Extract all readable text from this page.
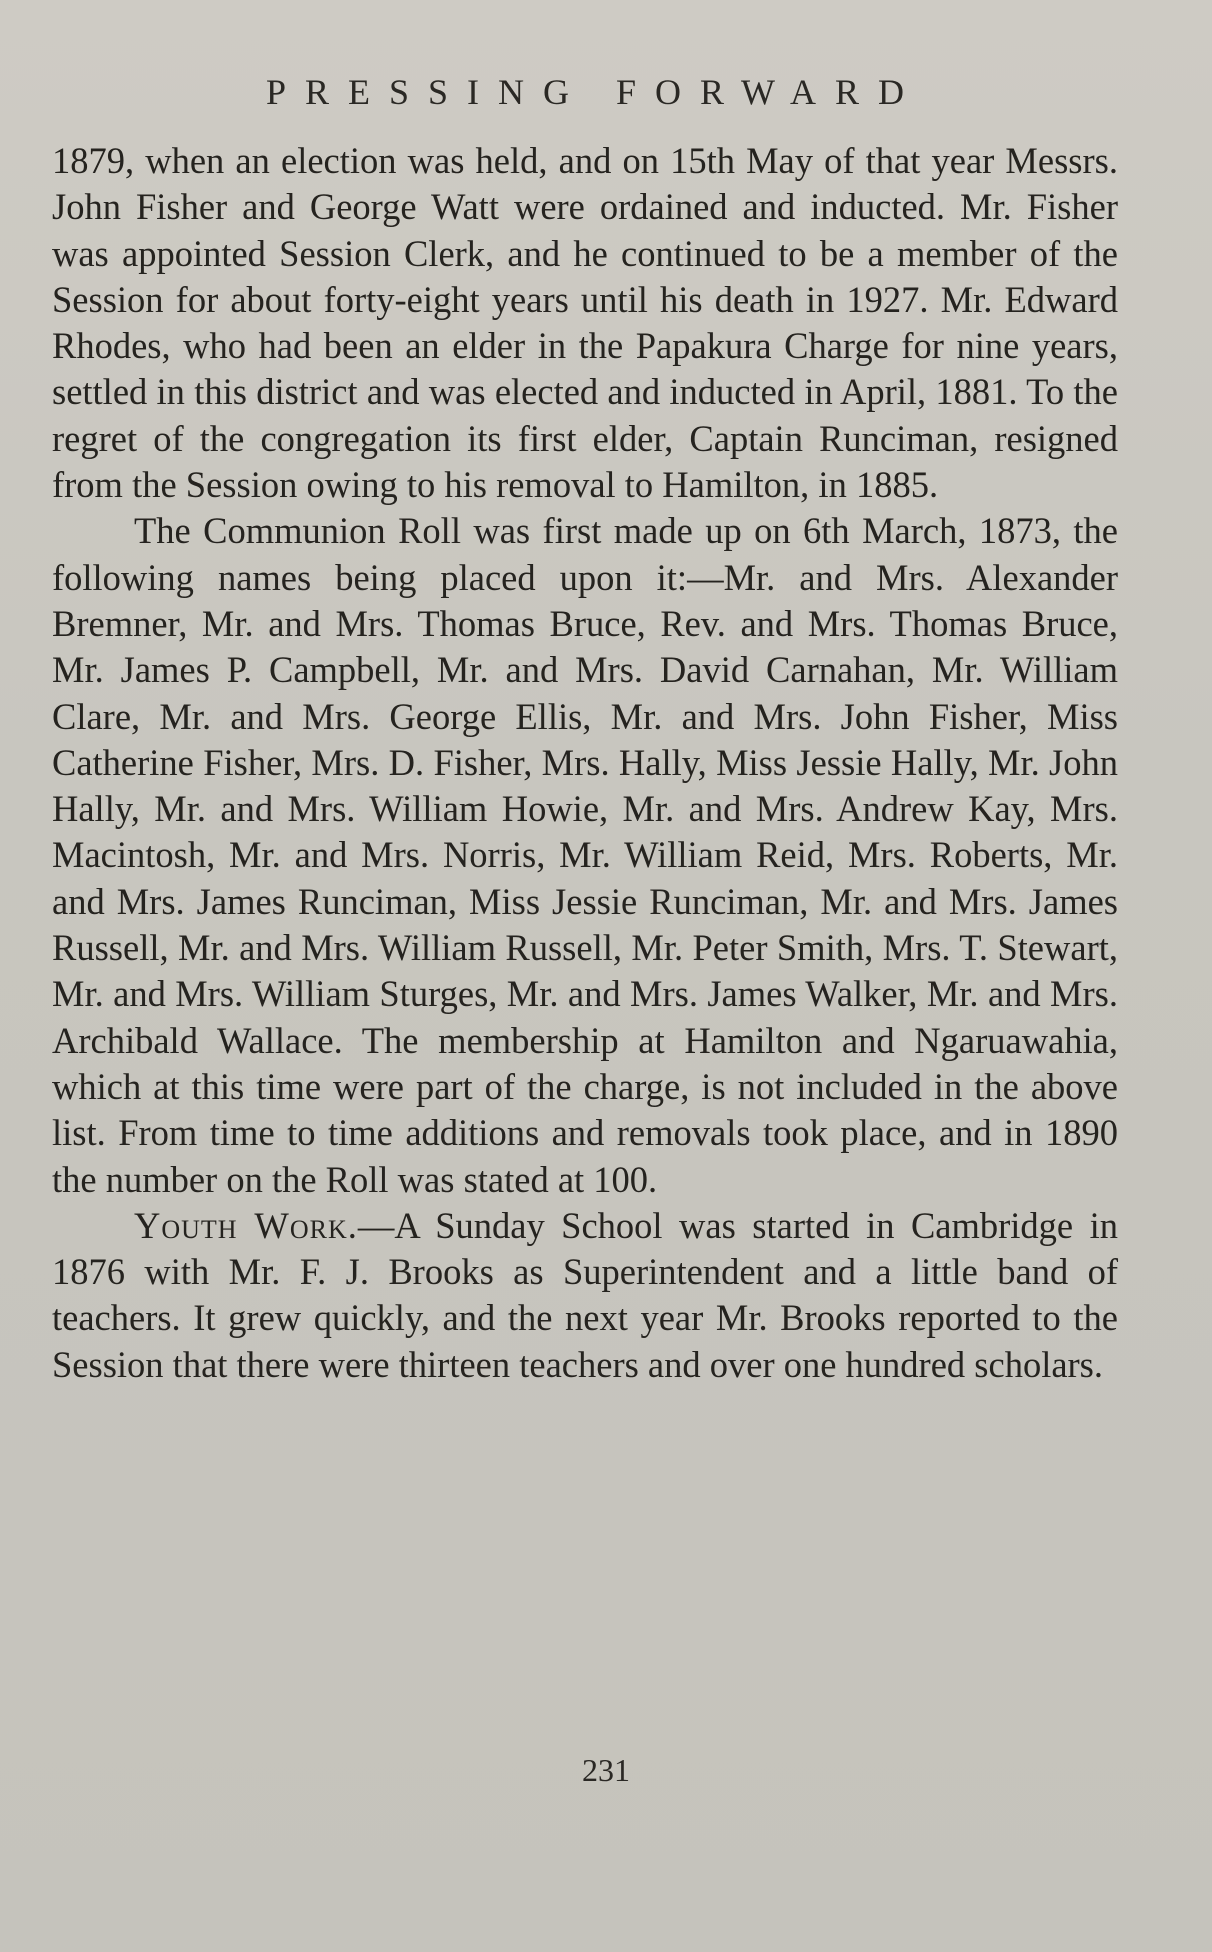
PRESSING FORWARD

1879, when an election was held, and on 15th May of that year Messrs. John Fisher and George Watt were ordained and inducted. Mr. Fisher was appointed Session Clerk, and he continued to be a member of the Session for about forty-eight years until his death in 1927. Mr. Edward Rhodes, who had been an elder in the Papakura Charge for nine years, settled in this district and was elected and inducted in April, 1881. To the regret of the congregation its first elder, Captain Runciman, resigned from the Session owing to his removal to Hamilton, in 1885.

The Communion Roll was first made up on 6th March, 1873, the following names being placed upon it:—Mr. and Mrs. Alexander Bremner, Mr. and Mrs. Thomas Bruce, Rev. and Mrs. Thomas Bruce, Mr. James P. Campbell, Mr. and Mrs. David Carnahan, Mr. William Clare, Mr. and Mrs. George Ellis, Mr. and Mrs. John Fisher, Miss Catherine Fisher, Mrs. D. Fisher, Mrs. Hally, Miss Jessie Hally, Mr. John Hally, Mr. and Mrs. William Howie, Mr. and Mrs. Andrew Kay, Mrs. Macintosh, Mr. and Mrs. Norris, Mr. William Reid, Mrs. Roberts, Mr. and Mrs. James Runciman, Miss Jessie Runciman, Mr. and Mrs. James Russell, Mr. and Mrs. William Russell, Mr. Peter Smith, Mrs. T. Stewart, Mr. and Mrs. William Sturges, Mr. and Mrs. James Walker, Mr. and Mrs. Archibald Wallace. The membership at Hamilton and Ngaruawahia, which at this time were part of the charge, is not included in the above list. From time to time additions and removals took place, and in 1890 the number on the Roll was stated at 100.

Youth Work.—A Sunday School was started in Cambridge in 1876 with Mr. F. J. Brooks as Superintendent and a little band of teachers. It grew quickly, and the next year Mr. Brooks reported to the Session that there were thirteen teachers and over one hundred scholars.

231
